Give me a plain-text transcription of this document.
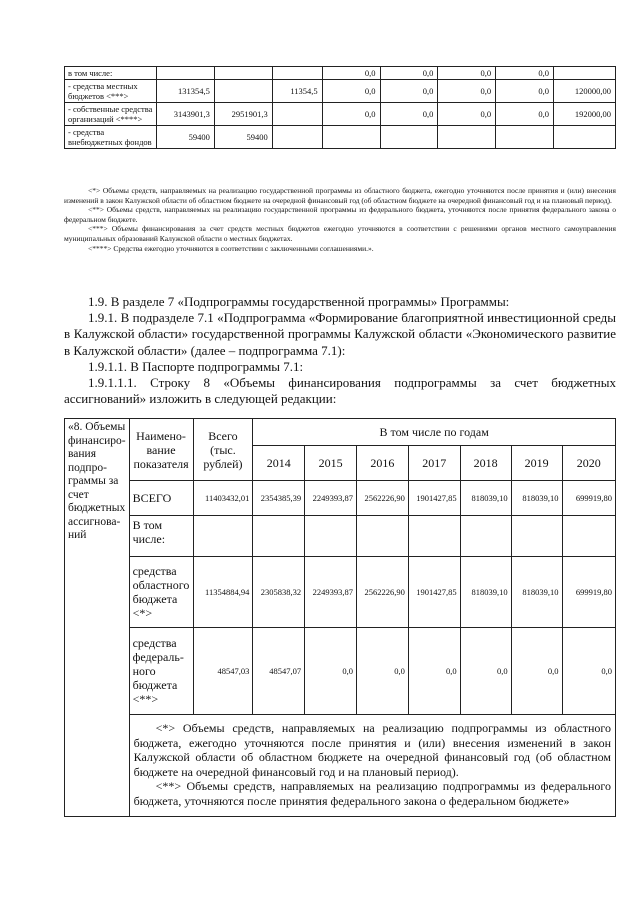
в том числе:				0,0	0,0	0,0	0,0	
- средства местных бюджетов <***>	131354,5		11354,5	0,0	0,0	0,0	0,0	120000,00
- собственные средства организаций <****>	3143901,3	2951901,3		0,0	0,0	0,0	0,0	192000,00
- средства внебюджетных фондов	59400	59400						

<*> Объемы средств, направляемых на реализацию государственной программы из областного бюджета, ежегодно уточняются после принятия и (или) внесения изменений в закон Калужской области об областном бюджете на очередной финансовый год (об областном бюджете на очередной финансовый год и на плановый период).

<**> Объемы средств, направляемых на реализацию государственной программы из федерального бюджета, уточняются после принятия федерального закона о федеральном бюджете.

<***> Объемы финансирования за счет средств местных бюджетов ежегодно уточняются в соответствии с решениями органов местного самоуправления муниципальных образований Калужской области о местных бюджетах.

<****> Средства ежегодно уточняются в соответствии с заключенными соглашениями.».

1.9. В разделе 7 «Подпрограммы государственной программы» Программы:

1.9.1. В подразделе 7.1 «Подпрограмма «Формирование благоприятной инвестиционной среды в Калужской области» государственной программы Калужской области «Экономического развитие в Калужской области» (далее – подпрограмма 7.1):

1.9.1.1. В Паспорте подпрограммы 7.1:

1.9.1.1.1. Строку 8 «Объемы финансирования подпрограммы за счет бюджетных ассигнований» изложить в следующей редакции:

«8. Объемы финансиро-вания подпро-граммы за счет бюджетных ассигнова-ний	Наимено-вание показателя	Всего (тыс. рублей)	В том числе по годам						
			2014	2015	2016	2017	2018	2019	2020
	ВСЕГО	11403432,01	2354385,39	2249393,87	2562226,90	1901427,85	818039,10	818039,10	699919,80
	В том числе:								
	средства областного бюджета <*>	11354884,94	2305838,32	2249393,87	2562226,90	1901427,85	818039,10	818039,10	699919,80
	средства федераль-ного бюджета <**>	48547,03	48547,07	0,0	0,0	0,0	0,0	0,0	0,0

	<*> Объемы средств, направляемых на реализацию подпрограммы из областного бюджета, ежегодно уточняются после принятия и (или) внесения изменений в закон Калужской области об областном бюджете на очередной финансовый год (об областном бюджете на очередной финансовый год и на плановый период).
<**> Объемы средств, направляемых на реализацию подпрограммы из федерального бюджета, уточняются после принятия федерального закона о федеральном бюджете»								
